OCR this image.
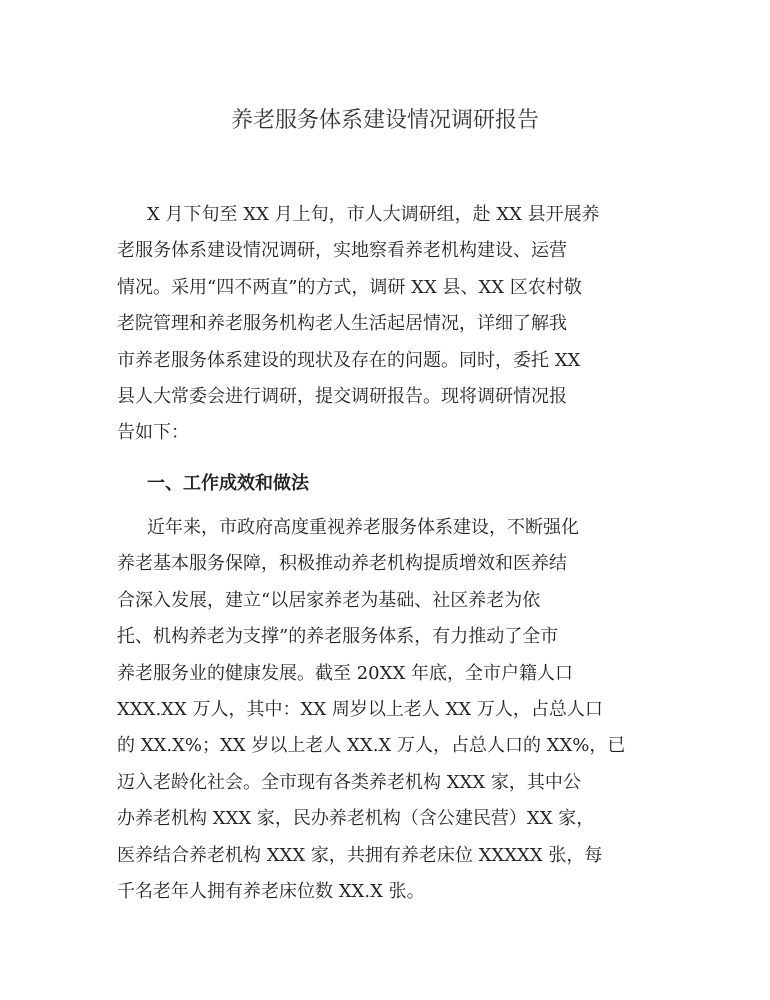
养老服务体系建设情况调研报告
X 月下旬至 XX 月上旬，市人大调研组，赴 XX 县开展养
老服务体系建设情况调研，实地察看养老机构建设、运营
情况。采用“四不两直”的方式，调研 XX 县、XX 区农村敬
老院管理和养老服务机构老人生活起居情况，详细了解我
市养老服务体系建设的现状及存在的问题。同时，委托 XX
县人大常委会进行调研，提交调研报告。现将调研情况报
告如下：
一、工作成效和做法
近年来，市政府高度重视养老服务体系建设，不断强化
养老基本服务保障，积极推动养老机构提质增效和医养结
合深入发展，建立“以居家养老为基础、社区养老为依
托、机构养老为支撑”的养老服务体系，有力推动了全市
养老服务业的健康发展。截至 20XX 年底，全市户籍人口
XXX.XX 万人，其中：XX 周岁以上老人 XX 万人，占总人口
的 XX.X%；XX 岁以上老人 XX.X 万人，占总人口的 XX%，已
迈入老龄化社会。全市现有各类养老机构 XXX 家，其中公
办养老机构 XXX 家，民办养老机构（含公建民营）XX 家，
医养结合养老机构 XXX 家，共拥有养老床位 XXXXX 张，每
千名老年人拥有养老床位数 XX.X 张。
